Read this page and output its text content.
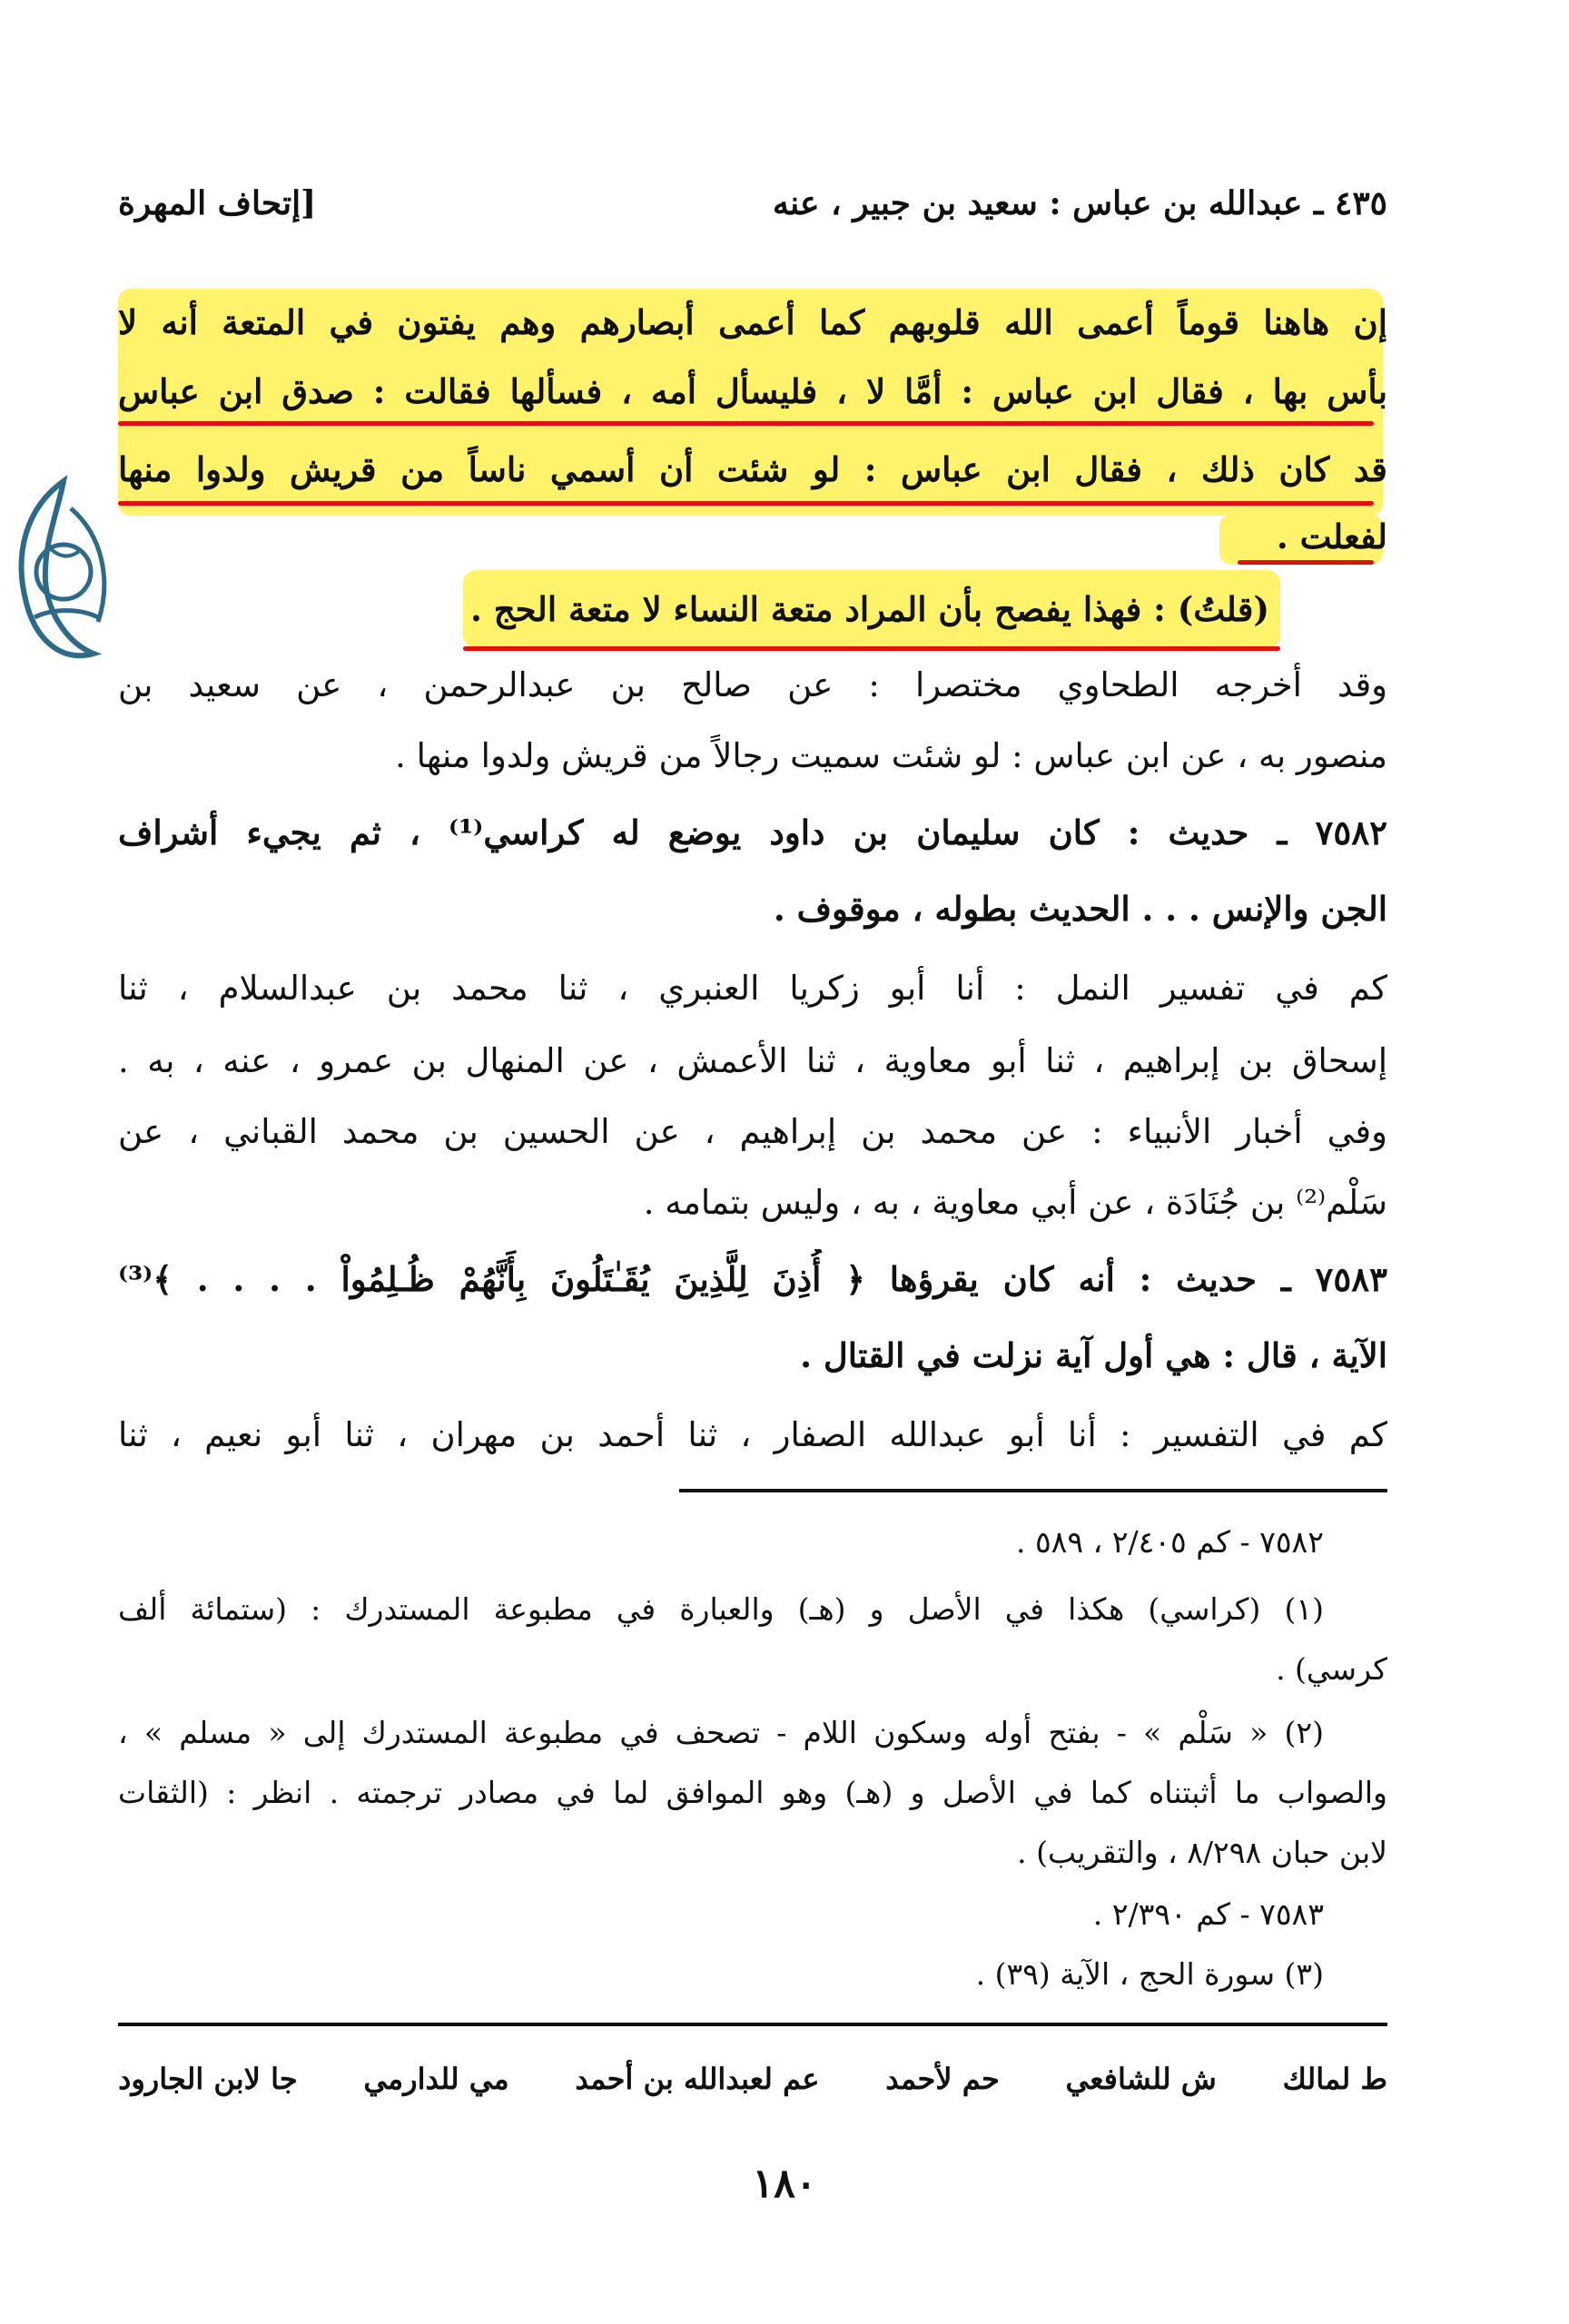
٤٣٥ ـ عبدالله بن عباس : سعيد بن جبير ، عنه
[إتحاف المهرة
إن هاهنا قوماً أعمى الله قلوبهم كما أعمى أبصارهم وهم يفتون في المتعة أنه لا
بأس بها ، فقال ابن عباس : أمَّا لا ، فليسأل أمه ، فسألها فقالت : صدق ابن عباس
قد كان ذلك ، فقال ابن عباس : لو شئت أن أسمي ناساً من قريش ولدوا منها
لفعلت .
(قلتُ) : فهذا يفصح بأن المراد متعة النساء لا متعة الحج .
وقد أخرجه الطحاوي مختصرا : عن صالح بن عبدالرحمن ، عن سعيد بن
منصور به ، عن ابن عباس : لو شئت سميت رجالاً من قريش ولدوا منها .
٧٥٨٢ ـ حديث : كان سليمان بن داود يوضع له كراسي⁽¹⁾ ، ثم يجيء أشراف
الجن والإنس . . . الحديث بطوله ، موقوف .
كم في تفسير النمل : أنا أبو زكريا العنبري ، ثنا محمد بن عبدالسلام ، ثنا
إسحاق بن إبراهيم ، ثنا أبو معاوية ، ثنا الأعمش ، عن المنهال بن عمرو ، عنه ، به .
وفي أخبار الأنبياء : عن محمد بن إبراهيم ، عن الحسين بن محمد القباني ، عن
سَلْم⁽²⁾ بن جُنَادَة ، عن أبي معاوية ، به ، وليس بتمامه .
٧٥٨٣ ـ حديث : أنه كان يقرؤها ﴿ أُذِنَ لِلَّذِينَ يُقَـٰتَلُونَ بِأَنَّهُمْ ظُـلِمُواْ . . . . ﴾⁽³⁾
الآية ، قال : هي أول آية نزلت في القتال .
كم في التفسير : أنا أبو عبدالله الصفار ، ثنا أحمد بن مهران ، ثنا أبو نعيم ، ثنا
٧٥٨٢ - كم ٢/٤٠٥ ، ٥٨٩ .
(١) (كراسي) هكذا في الأصل و (هـ) والعبارة في مطبوعة المستدرك : (ستمائة ألف
كرسي) .
(٢) « سَلْم » - بفتح أوله وسكون اللام - تصحف في مطبوعة المستدرك إلى « مسلم » ،
والصواب ما أثبتناه كما في الأصل و (هـ) وهو الموافق لما في مصادر ترجمته . انظر : (الثقات
لابن حبان ٨/٢٩٨ ، والتقريب) .
٧٥٨٣ - كم ٢/٣٩٠ .
(٣) سورة الحج ، الآية (٣٩) .
ط لمالك
ش للشافعي
حم لأحمد
عم لعبدالله بن أحمد
مي للدارمي
جا لابن الجارود
١٨٠
